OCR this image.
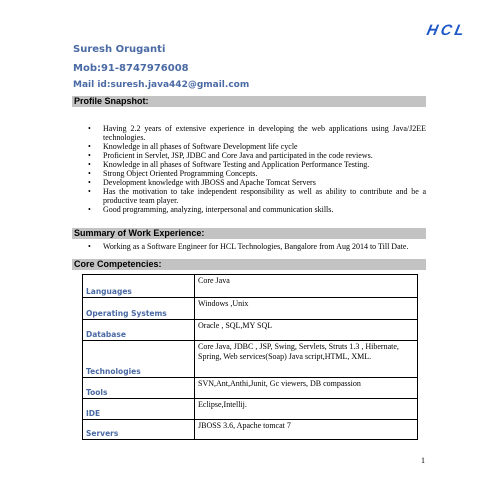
HCL
Suresh Oruganti
Mob:91-8747976008
Mail id:suresh.java442@gmail.com
Profile Snapshot:
• Having 2.2 years of extensive experience in developing the web applications using Java/J2EE technologies.
• Knowledge in all phases of Software Development life cycle
• Proficient in Servlet, JSP, JDBC and Core Java and participated in the code reviews.
• Knowledge in all phases of Software Testing and Application Performance Testing.
• Strong Object Oriented Programming Concepts.
• Development knowledge with JBOSS and Apache Tomcat Servers
• Has the motivation to take independent responsibility as well as ability to contribute and be a productive team player.
• Good programming, analyzing, interpersonal and communication skills.
Summary of Work Experience:
• Working as a Software Engineer for HCL Technologies, Bangalore from Aug 2014 to Till Date.
Core Competencies:
Languages	Core Java
Operating Systems	Windows ,Unix
Database	Oracle , SQL,MY SQL
Technologies	Core Java, JDBC , JSP, Swing, Servlets, Struts 1.3 , Hibernate, Spring, Web services(Soap) Java script,HTML, XML.
Tools	SVN,Ant,Anthi,Junit, Gc viewers, DB compassion
IDE	Eclipse,Intellij.
Servers	JBOSS 3.6, Apache tomcat 7
1
